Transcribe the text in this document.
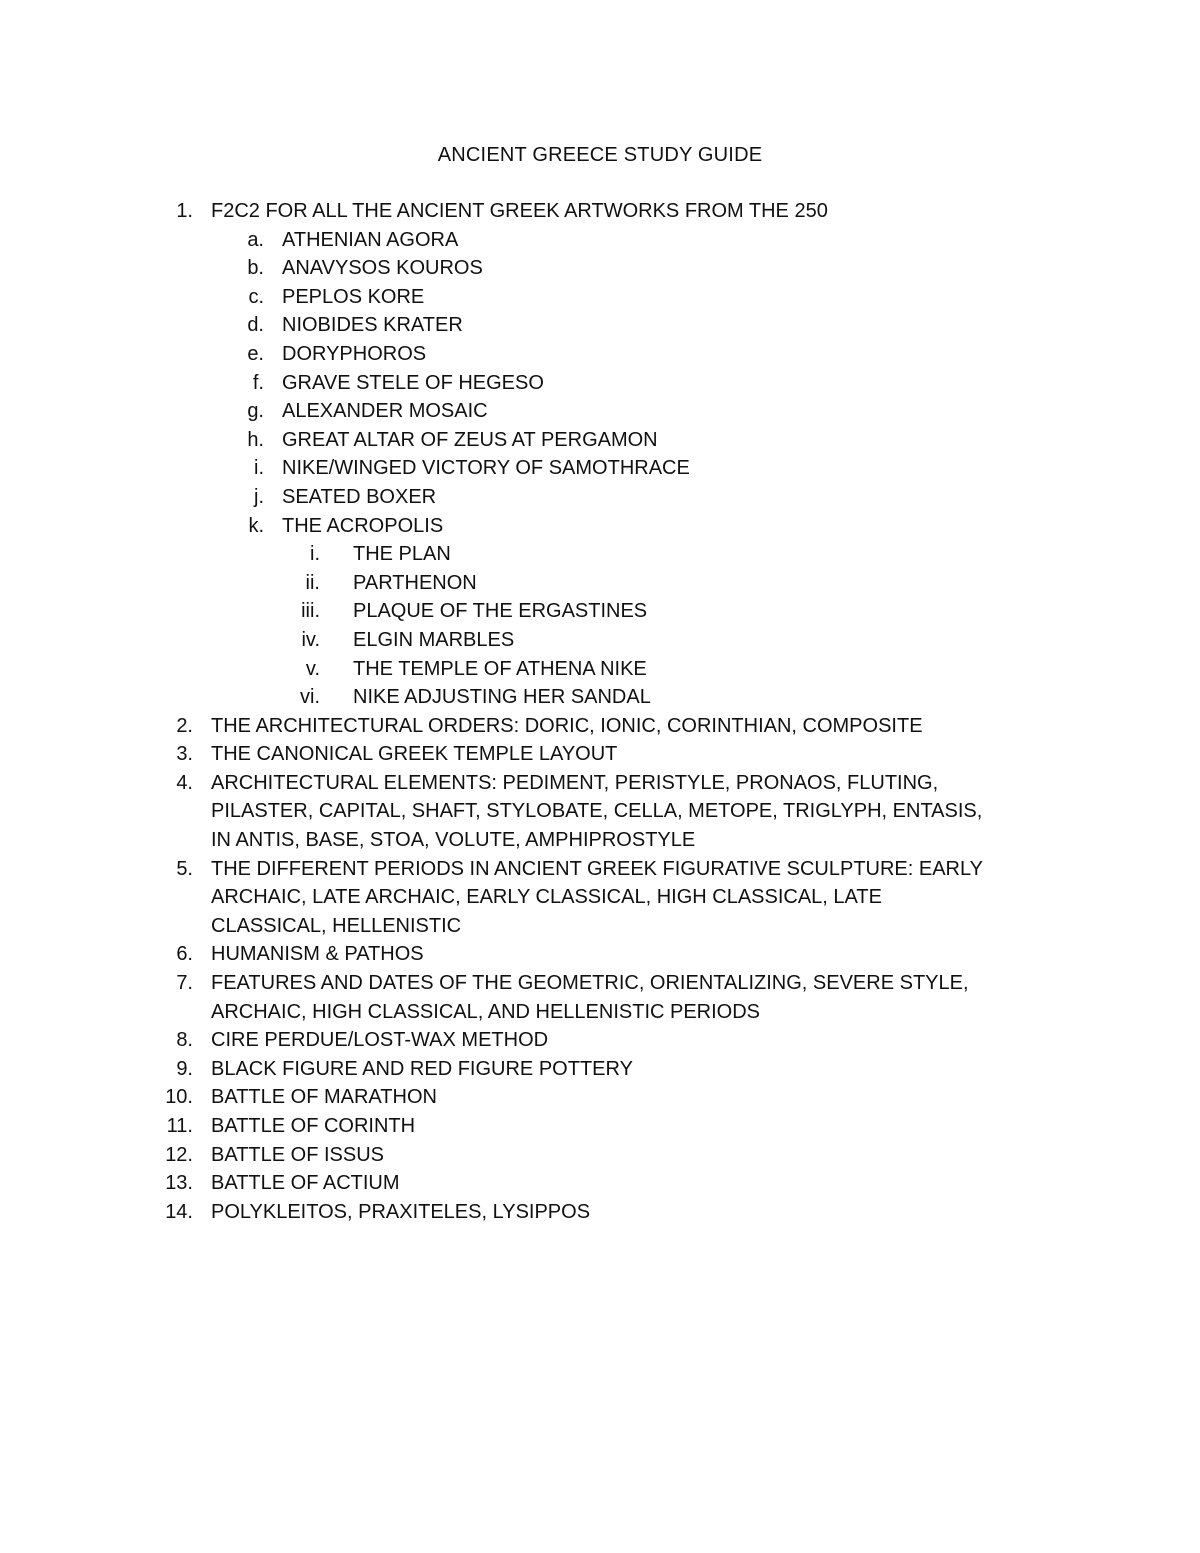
ANCIENT GREECE STUDY GUIDE
1. F2C2 FOR ALL THE ANCIENT GREEK ARTWORKS FROM THE 250
a. ATHENIAN AGORA
b. ANAVYSOS KOUROS
c. PEPLOS KORE
d. NIOBIDES KRATER
e. DORYPHOROS
f. GRAVE STELE OF HEGESO
g. ALEXANDER MOSAIC
h. GREAT ALTAR OF ZEUS AT PERGAMON
i. NIKE/WINGED VICTORY OF SAMOTHRACE
j. SEATED BOXER
k. THE ACROPOLIS
i. THE PLAN
ii. PARTHENON
iii. PLAQUE OF THE ERGASTINES
iv. ELGIN MARBLES
v. THE TEMPLE OF ATHENA NIKE
vi. NIKE ADJUSTING HER SANDAL
2. THE ARCHITECTURAL ORDERS: DORIC, IONIC, CORINTHIAN, COMPOSITE
3. THE CANONICAL GREEK TEMPLE LAYOUT
4. ARCHITECTURAL ELEMENTS: PEDIMENT, PERISTYLE, PRONAOS, FLUTING,
PILASTER, CAPITAL, SHAFT, STYLOBATE, CELLA, METOPE, TRIGLYPH, ENTASIS,
IN ANTIS, BASE, STOA, VOLUTE, AMPHIPROSTYLE
5. THE DIFFERENT PERIODS IN ANCIENT GREEK FIGURATIVE SCULPTURE: EARLY
ARCHAIC, LATE ARCHAIC, EARLY CLASSICAL, HIGH CLASSICAL, LATE
CLASSICAL, HELLENISTIC
6. HUMANISM & PATHOS
7. FEATURES AND DATES OF THE GEOMETRIC, ORIENTALIZING, SEVERE STYLE,
ARCHAIC, HIGH CLASSICAL, AND HELLENISTIC PERIODS
8. CIRE PERDUE/LOST-WAX METHOD
9. BLACK FIGURE AND RED FIGURE POTTERY
10. BATTLE OF MARATHON
11. BATTLE OF CORINTH
12. BATTLE OF ISSUS
13. BATTLE OF ACTIUM
14. POLYKLEITOS, PRAXITELES, LYSIPPOS
